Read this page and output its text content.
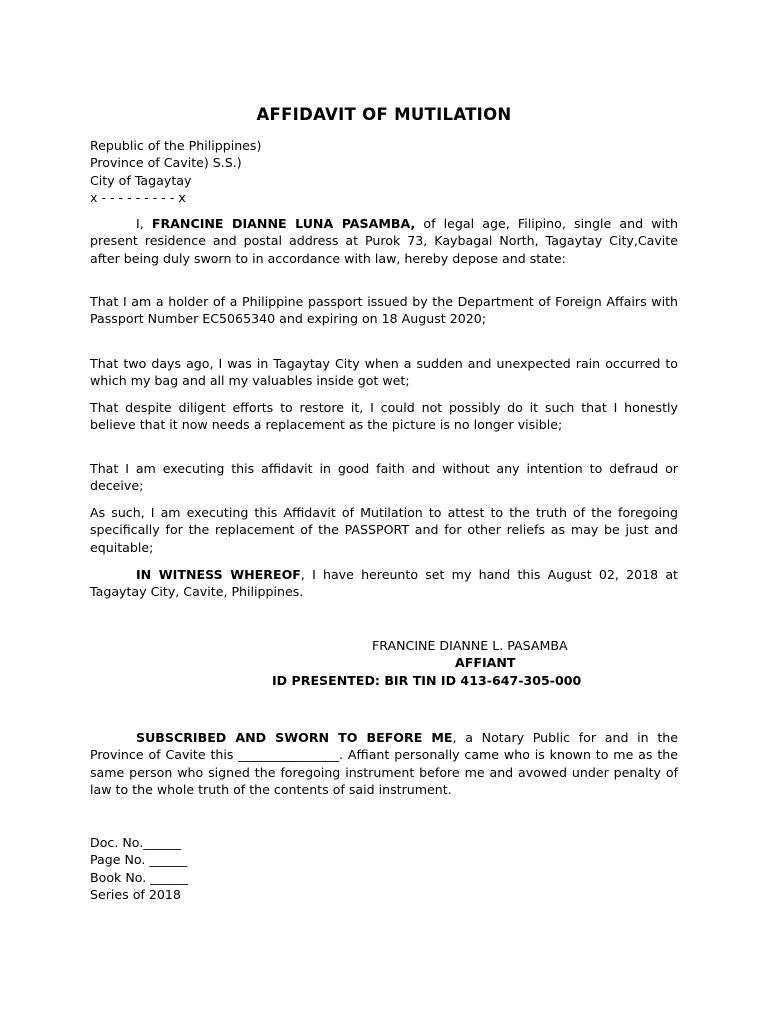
AFFIDAVIT OF MUTILATION
Republic of the Philippines)
Province of Cavite) S.S.)
City of Tagaytay
x - - - - - - - - - x
I, FRANCINE DIANNE LUNA PASAMBA, of legal age, Filipino, single and with present residence and postal address at Purok 73, Kaybagal North, Tagaytay City,Cavite after being duly sworn to in accordance with law, hereby depose and state:
That I am a holder of a Philippine passport issued by the Department of Foreign Affairs with Passport Number EC5065340 and expiring on 18 August 2020;
That two days ago, I was in Tagaytay City when a sudden and unexpected rain occurred to which my bag and all my valuables inside got wet;
That despite diligent efforts to restore it, I could not possibly do it such that I honestly believe that it now needs a replacement as the picture is no longer visible;
That I am executing this affidavit in good faith and without any intention to defraud or deceive;
As such, I am executing this Affidavit of Mutilation to attest to the truth of the foregoing specifically for the replacement of the PASSPORT and for other reliefs as may be just and equitable;
IN WITNESS WHEREOF, I have hereunto set my hand this August 02, 2018 at Tagaytay City, Cavite, Philippines.
FRANCINE DIANNE L. PASAMBA
AFFIANT
ID PRESENTED: BIR TIN ID 413-647-305-000
SUBSCRIBED AND SWORN TO BEFORE ME, a Notary Public for and in the Province of Cavite this ________________. Affiant personally came who is known to me as the same person who signed the foregoing instrument before me and avowed under penalty of law to the whole truth of the contents of said instrument.
Doc. No.______
Page No. ______
Book No. ______
Series of 2018
